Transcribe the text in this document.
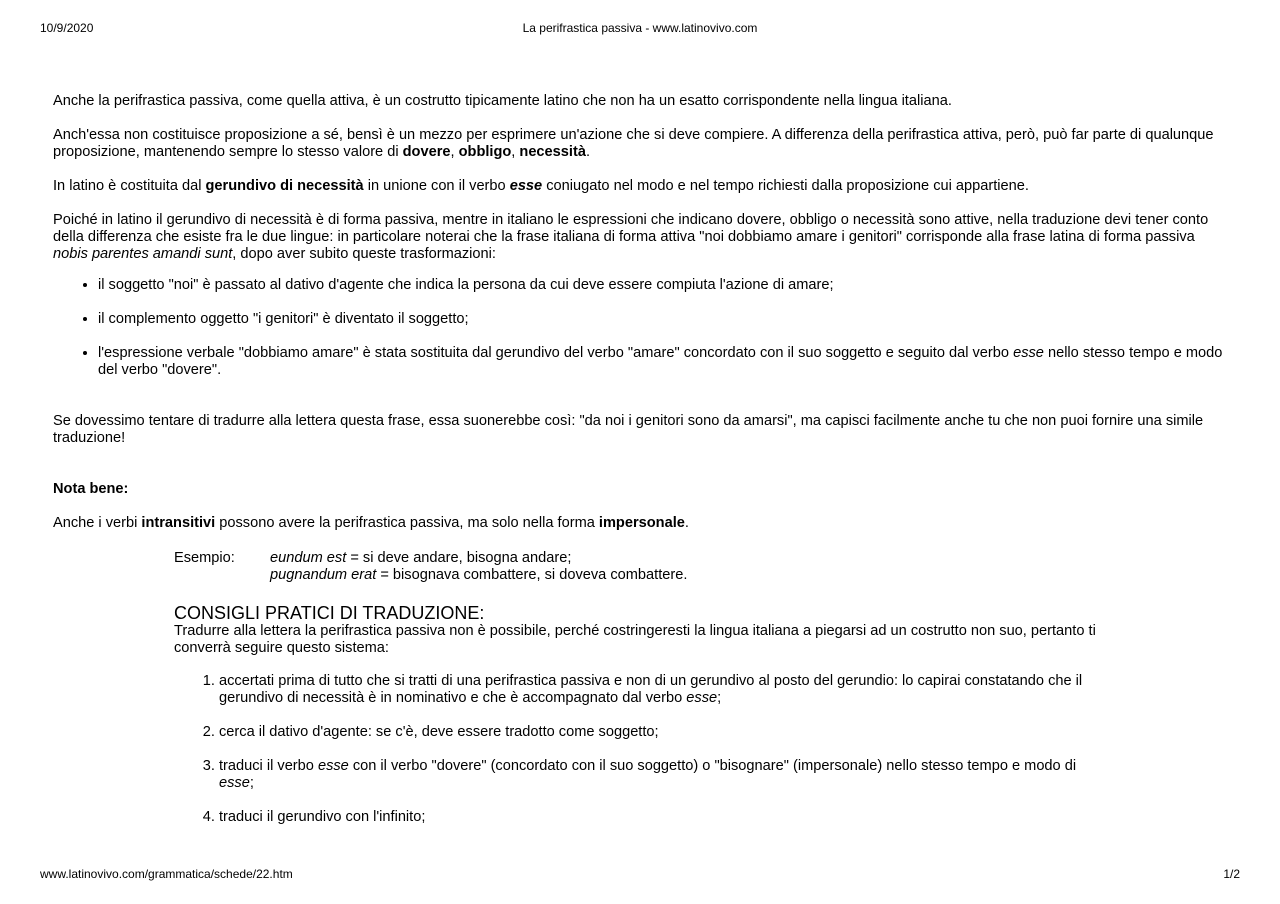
10/9/2020	La perifrastica passiva - www.latinovivo.com

Anche la perifrastica passiva, come quella attiva, è un costrutto tipicamente latino che non ha un esatto corrispondente nella lingua italiana.

Anch'essa non costituisce proposizione a sé, bensì è un mezzo per esprimere un'azione che si deve compiere. A differenza della perifrastica attiva, però, può far parte di qualunque proposizione, mantenendo sempre lo stesso valore di dovere, obbligo, necessità.

In latino è costituita dal gerundivo di necessità in unione con il verbo esse coniugato nel modo e nel tempo richiesti dalla proposizione cui appartiene.

Poiché in latino il gerundivo di necessità è di forma passiva, mentre in italiano le espressioni che indicano dovere, obbligo o necessità sono attive, nella traduzione devi tener conto della differenza che esiste fra le due lingue: in particolare noterai che la frase italiana di forma attiva "noi dobbiamo amare i genitori" corrisponde alla frase latina di forma passiva nobis parentes amandi sunt, dopo aver subito queste trasformazioni:

• il soggetto "noi" è passato al dativo d'agente che indica la persona da cui deve essere compiuta l'azione di amare;
• il complemento oggetto "i genitori" è diventato il soggetto;
• l'espressione verbale "dobbiamo amare" è stata sostituita dal gerundivo del verbo "amare" concordato con il suo soggetto e seguito dal verbo esse nello stesso tempo e modo del verbo "dovere".

Se dovessimo tentare di tradurre alla lettera questa frase, essa suonerebbe così: "da noi i genitori sono da amarsi", ma capisci facilmente anche tu che non puoi fornire una simile traduzione!

Nota bene:

Anche i verbi intransitivi possono avere la perifrastica passiva, ma solo nella forma impersonale.

Esempio:	eundum est = si deve andare, bisogna andare;
pugnandum erat = bisognava combattere, si doveva combattere.
CONSIGLI PRATICI DI TRADUZIONE:

Tradurre alla lettera la perifrastica passiva non è possibile, perché costringeresti la lingua italiana a piegarsi ad un costrutto non suo, pertanto ti converrà seguire questo sistema:

1. accertati prima di tutto che si tratti di una perifrastica passiva e non di un gerundivo al posto del gerundio: lo capirai constatando che il gerundivo di necessità è in nominativo e che è accompagnato dal verbo esse;
2. cerca il dativo d'agente: se c'è, deve essere tradotto come soggetto;
3. traduci il verbo esse con il verbo "dovere" (concordato con il suo soggetto) o "bisognare" (impersonale) nello stesso tempo e modo di esse;
4. traduci il gerundivo con l'infinito;
www.latinovivo.com/grammatica/schede/22.htm	1/2
